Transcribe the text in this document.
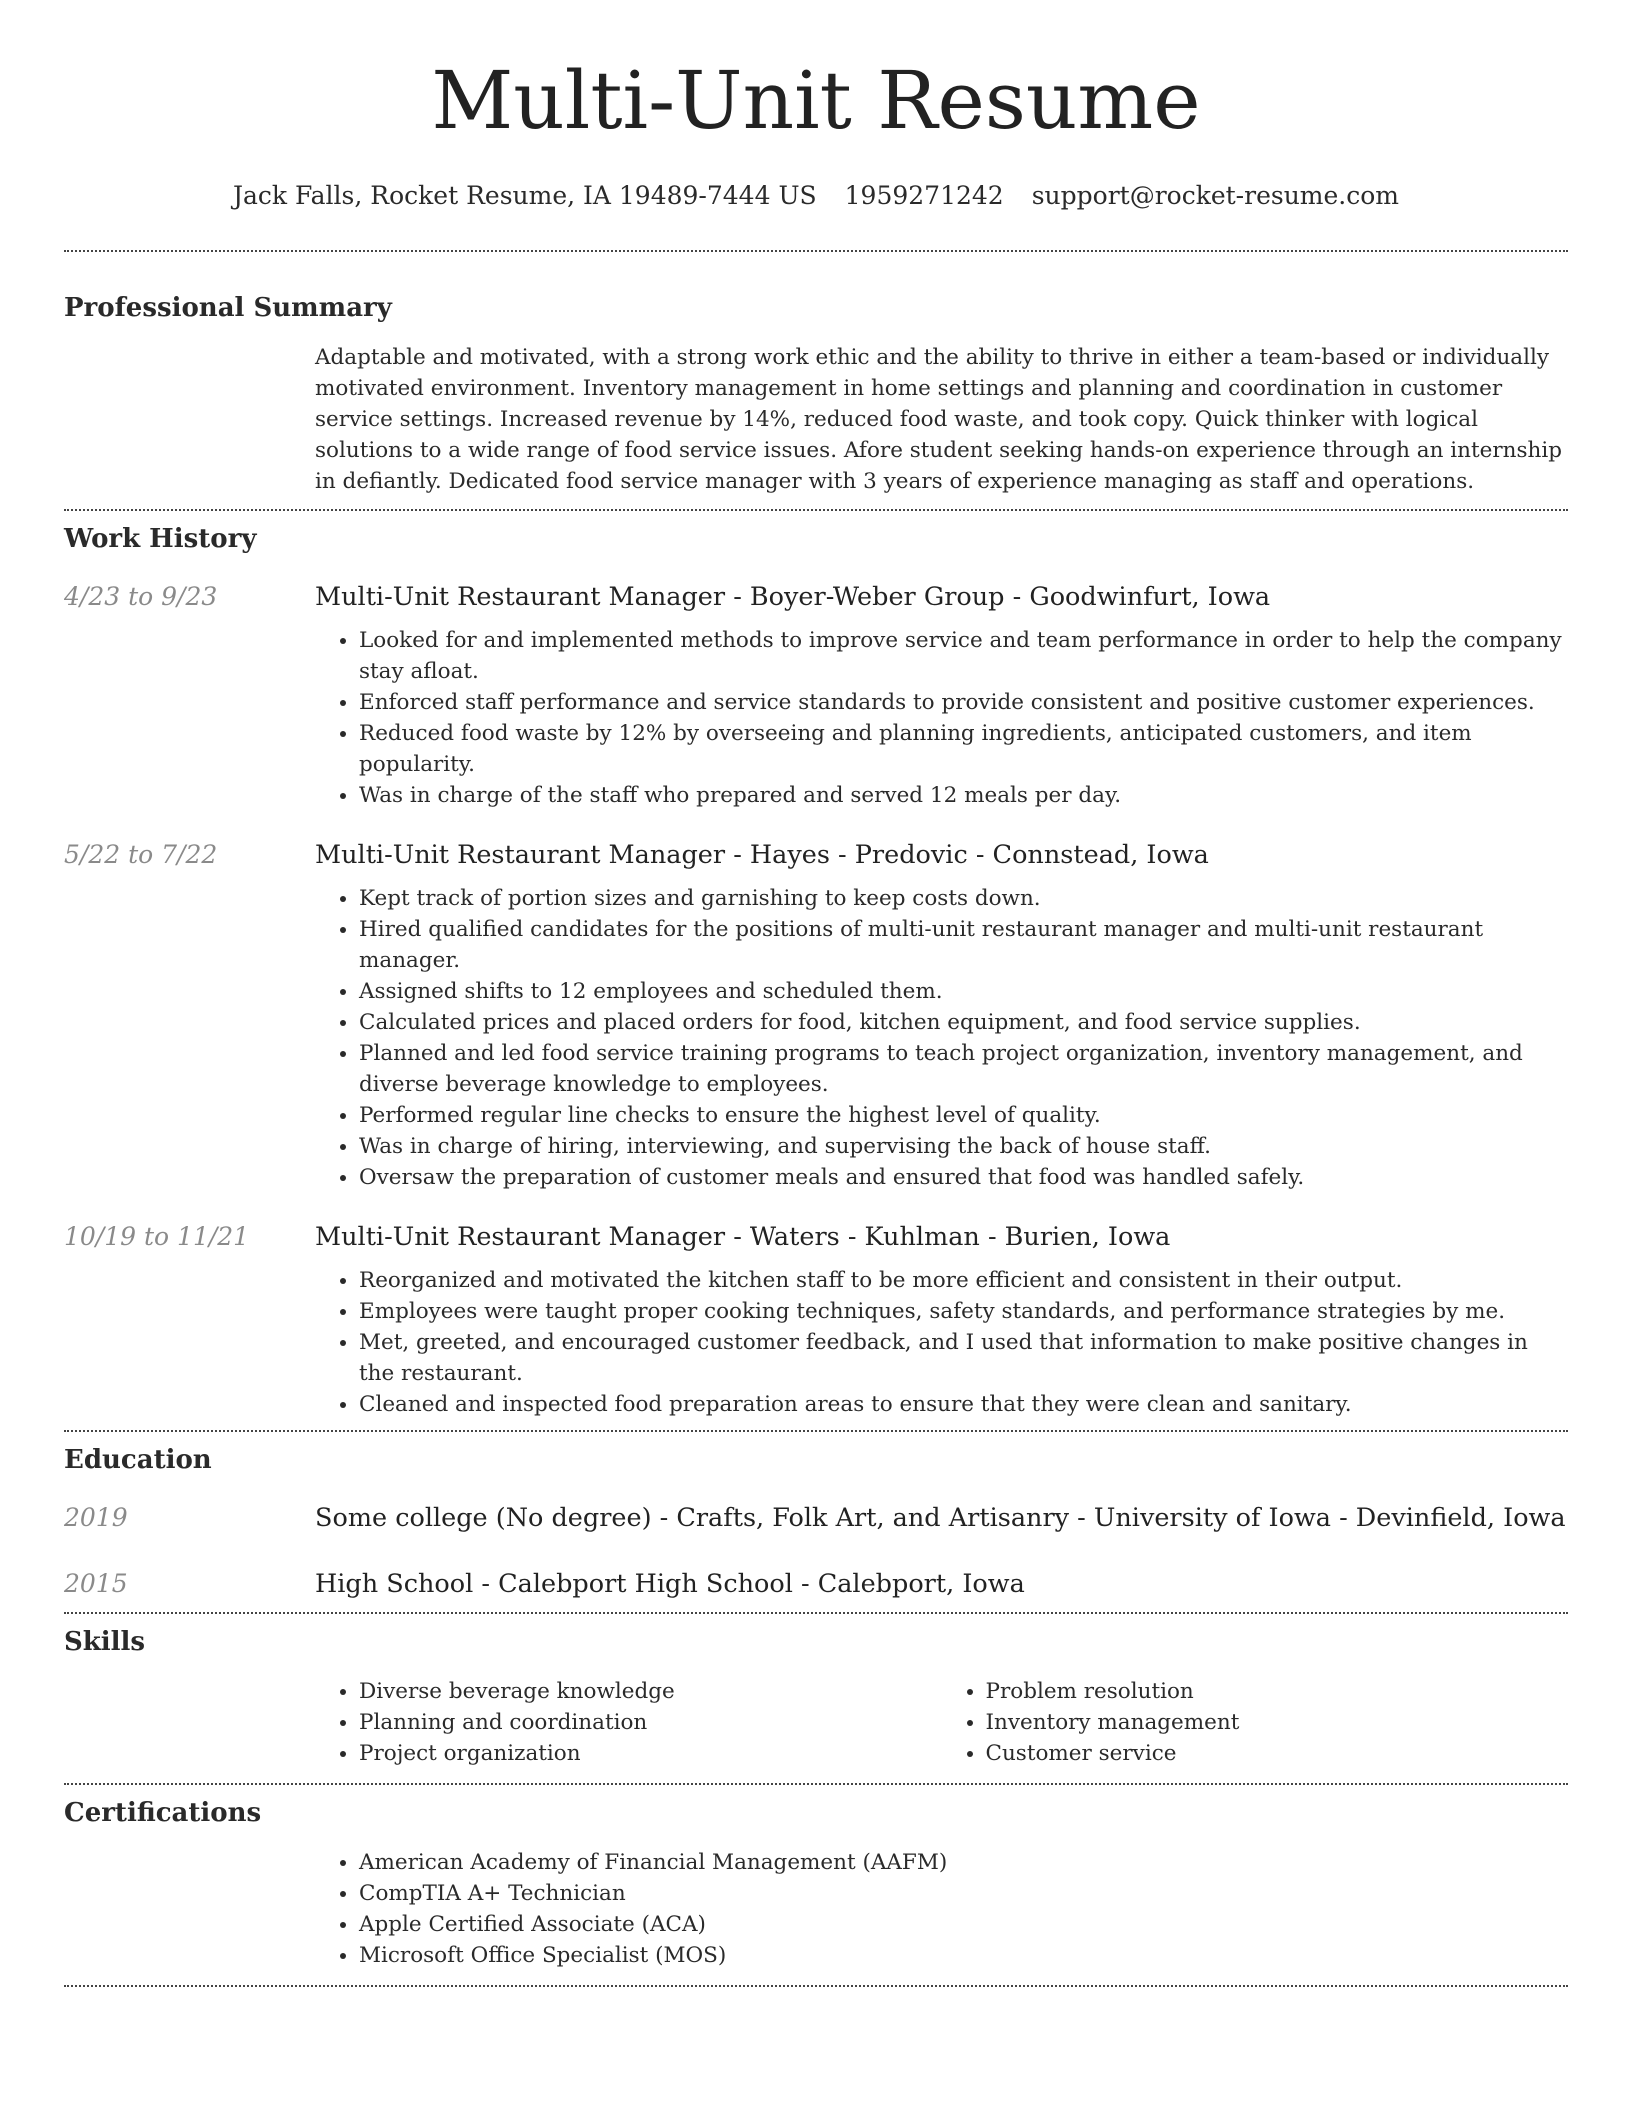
Multi-Unit Resume
Jack Falls, Rocket Resume, IA 19489-7444 US 1959271242 support@rocket-resume.com
Professional Summary

Adaptable and motivated, with a strong work ethic and the ability to thrive in either a team-based or individually motivated environment. Inventory management in home settings and planning and coordination in customer service settings. Increased revenue by 14%, reduced food waste, and took copy. Quick thinker with logical solutions to a wide range of food service issues. Afore student seeking hands-on experience through an internship in defiantly. Dedicated food service manager with 3 years of experience managing as staff and operations.

Work History
4/23 to 9/23	Multi-Unit Restaurant Manager - Boyer-Weber Group - Goodwinfurt, Iowa
• Looked for and implemented methods to improve service and team performance in order to help the company stay afloat.
• Enforced staff performance and service standards to provide consistent and positive customer experiences.
• Reduced food waste by 12% by overseeing and planning ingredients, anticipated customers, and item popularity.
• Was in charge of the staff who prepared and served 12 meals per day.
5/22 to 7/22	Multi-Unit Restaurant Manager - Hayes - Predovic - Connstead, Iowa
• Kept track of portion sizes and garnishing to keep costs down.
• Hired qualified candidates for the positions of multi-unit restaurant manager and multi-unit restaurant manager.
• Assigned shifts to 12 employees and scheduled them.
• Calculated prices and placed orders for food, kitchen equipment, and food service supplies.
• Planned and led food service training programs to teach project organization, inventory management, and diverse beverage knowledge to employees.
• Performed regular line checks to ensure the highest level of quality.
• Was in charge of hiring, interviewing, and supervising the back of house staff.
• Oversaw the preparation of customer meals and ensured that food was handled safely.
10/19 to 11/21	Multi-Unit Restaurant Manager - Waters - Kuhlman - Burien, Iowa
• Reorganized and motivated the kitchen staff to be more efficient and consistent in their output.
• Employees were taught proper cooking techniques, safety standards, and performance strategies by me.
• Met, greeted, and encouraged customer feedback, and I used that information to make positive changes in the restaurant.
• Cleaned and inspected food preparation areas to ensure that they were clean and sanitary.
Education
2019	Some college (No degree) - Crafts, Folk Art, and Artisanry - University of Iowa - Devinfield, Iowa
2015	High School - Calebport High School - Calebport, Iowa
Skills
• Diverse beverage knowledge
• Planning and coordination
• Project organization
• Problem resolution
• Inventory management
• Customer service
Certifications
• American Academy of Financial Management (AAFM)
• CompTIA A+ Technician
• Apple Certified Associate (ACA)
• Microsoft Office Specialist (MOS)
